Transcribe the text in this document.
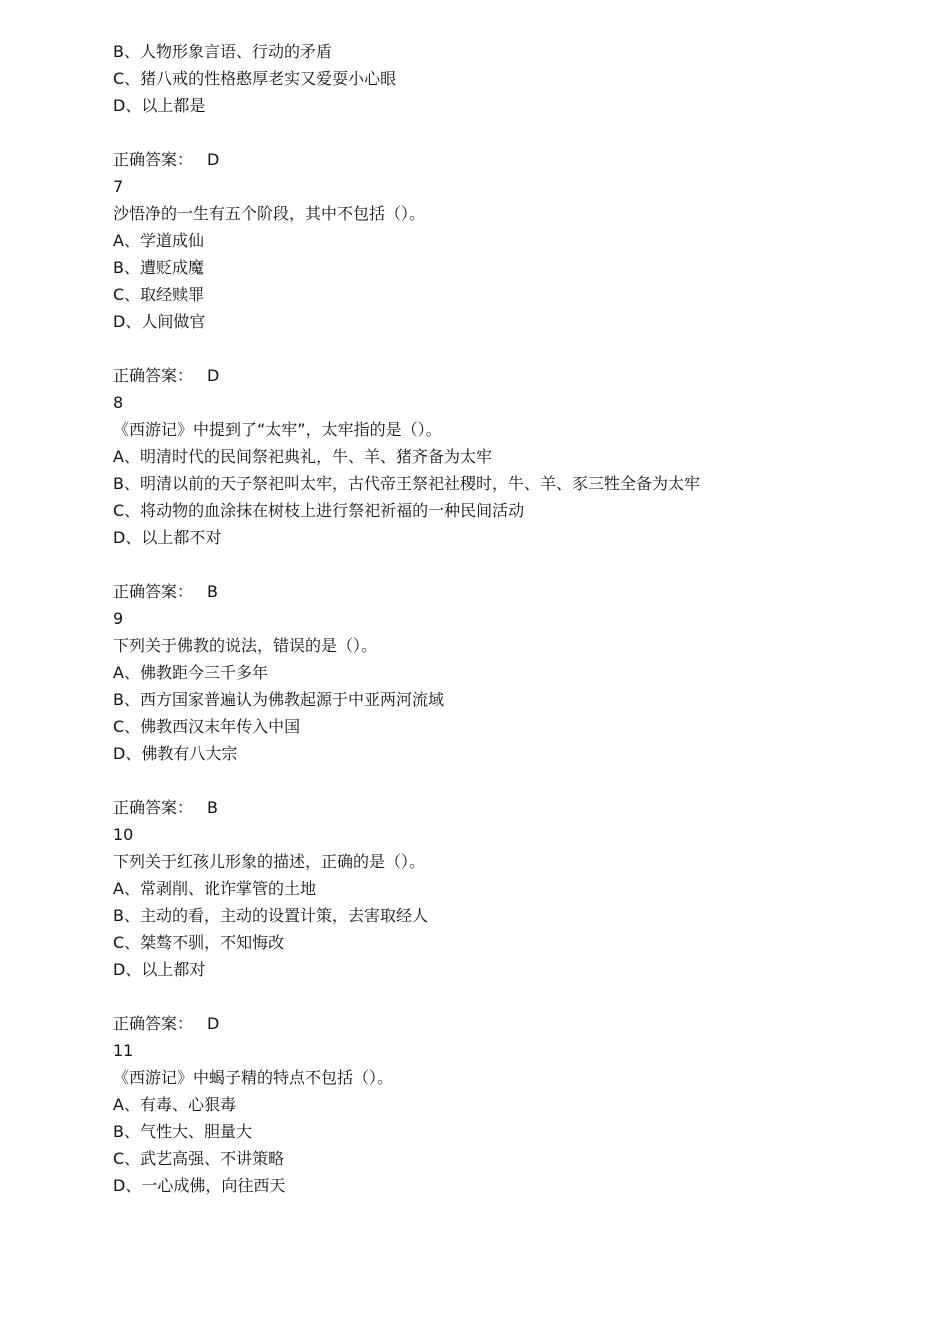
B、人物形象言语、行动的矛盾
C、猪八戒的性格憨厚老实又爱耍小心眼
D、以上都是
正确答案： D
7
沙悟净的一生有五个阶段，其中不包括（）。
A、学道成仙
B、遭贬成魔
C、取经赎罪
D、人间做官
正确答案： D
8
《西游记》中提到了“太牢”，太牢指的是（）。
A、明清时代的民间祭祀典礼，牛、羊、猪齐备为太牢
B、明清以前的天子祭祀叫太牢，古代帝王祭祀社稷时，牛、羊、豕三牲全备为太牢
C、将动物的血涂抹在树枝上进行祭祀祈福的一种民间活动
D、以上都不对
正确答案： B
9
下列关于佛教的说法，错误的是（）。
A、佛教距今三千多年
B、西方国家普遍认为佛教起源于中亚两河流域
C、佛教西汉末年传入中国
D、佛教有八大宗
正确答案： B
10
下列关于红孩儿形象的描述，正确的是（）。
A、常剥削、讹诈掌管的土地
B、主动的看，主动的设置计策，去害取经人
C、桀骜不驯，不知悔改
D、以上都对
正确答案： D
11
《西游记》中蝎子精的特点不包括（）。
A、有毒、心狠毒
B、气性大、胆量大
C、武艺高强、不讲策略
D、一心成佛，向往西天
